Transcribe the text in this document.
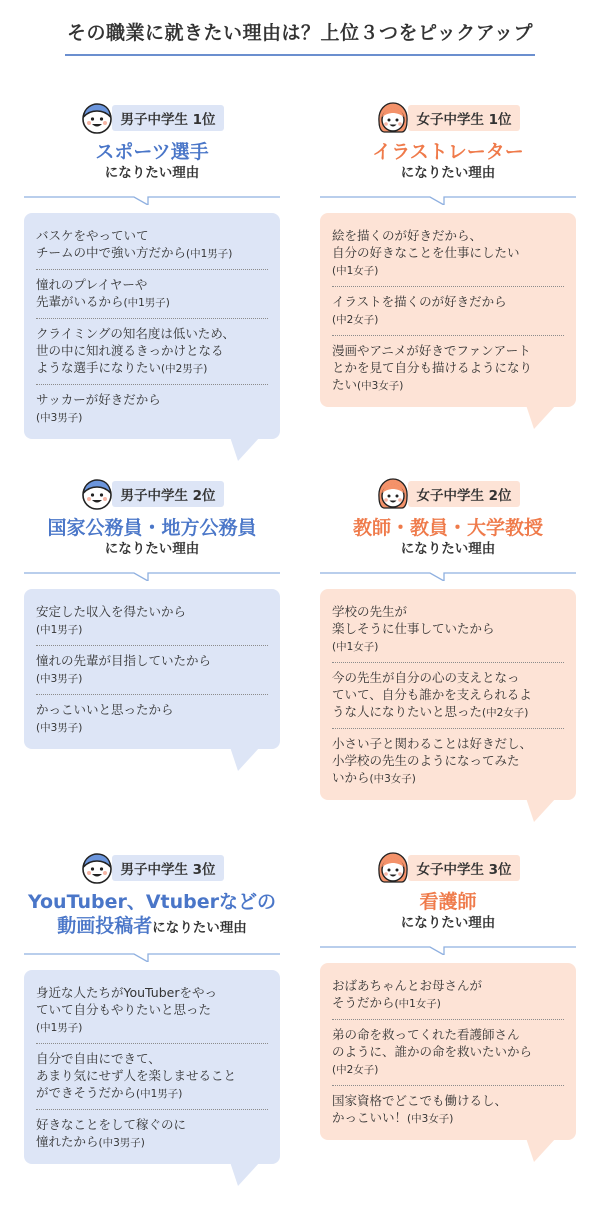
その職業に就きたい理由は？上位３つをピックアップ
男子中学生 1位
スポーツ選手
になりたい理由
バスケをやっていて
チームの中で強い方だから(中1男子)
憧れのプレイヤーや
先輩がいるから(中1男子)
クライミングの知名度は低いため、
世の中に知れ渡るきっかけとなる
ような選手になりたい(中2男子)
サッカーが好きだから
(中3男子)
女子中学生 1位
イラストレーター
になりたい理由
絵を描くのが好きだから、
自分の好きなことを仕事にしたい
(中1女子)
イラストを描くのが好きだから
(中2女子)
漫画やアニメが好きでファンアート
とかを見て自分も描けるようになり
たい(中3女子)
男子中学生 2位
国家公務員・地方公務員
になりたい理由
安定した収入を得たいから
(中1男子)
憧れの先輩が目指していたから
(中3男子)
かっこいいと思ったから
(中3男子)
女子中学生 2位
教師・教員・大学教授
になりたい理由
学校の先生が
楽しそうに仕事していたから
(中1女子)
今の先生が自分の心の支えとなっ
ていて、自分も誰かを支えられるよ
うな人になりたいと思った(中2女子)
小さい子と関わることは好きだし、
小学校の先生のようになってみた
いから(中3女子)
男子中学生 3位
YouTuber、Vtuberなどの
動画投稿者になりたい理由
身近な人たちがYouTuberをやっ
ていて自分もやりたいと思った
(中1男子)
自分で自由にできて、
あまり気にせず人を楽しませること
ができそうだから(中1男子)
好きなことをして稼ぐのに
憧れたから(中3男子)
女子中学生 3位
看護師
になりたい理由
おばあちゃんとお母さんが
そうだから(中1女子)
弟の命を救ってくれた看護師さん
のように、誰かの命を救いたいから
(中2女子)
国家資格でどこでも働けるし、
かっこいい！(中3女子)
